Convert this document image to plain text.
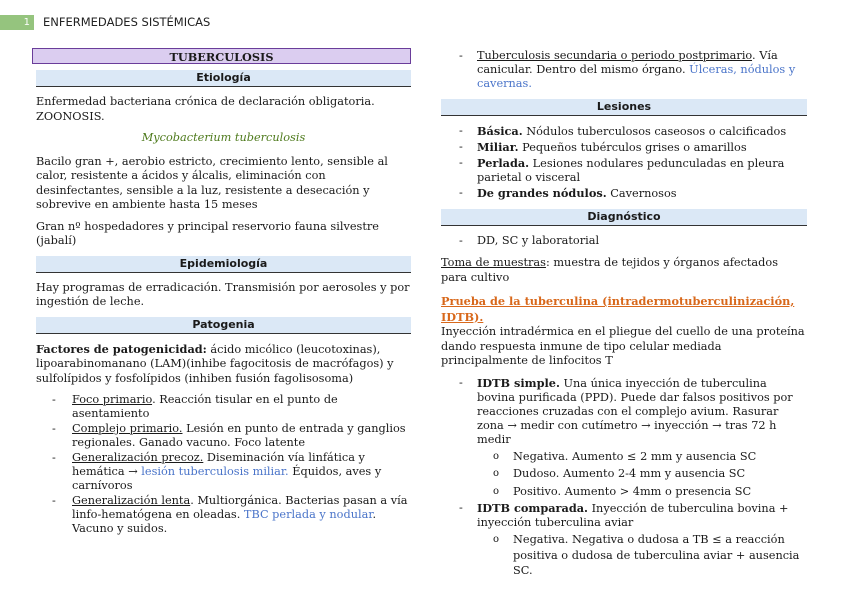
1	ENFERMEDADES SISTÉMICAS
TUBERCULOSIS
Etiología

Enfermedad bacteriana crónica de declaración obligatoria. ZOONOSIS.

Mycobacterium tuberculosis

Bacilo gran +, aerobio estricto, crecimiento lento, sensible al calor, resistente a ácidos y álcalis, eliminación con desinfectantes, sensible a la luz, resistente a desecación y sobrevive en ambiente hasta 15 meses

Gran nº hospedadores y principal reservorio fauna silvestre (jabalí)

Epidemiología

Hay programas de erradicación. Transmisión por aerosoles y por ingestión de leche.

Patogenia

Factores de patogenicidad: ácido micólico (leucotoxinas), lipoarabinomanano (LAM)(inhibe fagocitosis de macrófagos) y sulfolípidos y fosfolípidos (inhiben fusión fagolisosoma)

- Foco primario. Reacción tisular en el punto de asentamiento
- Complejo primario. Lesión en punto de entrada y ganglios regionales. Ganado vacuno. Foco latente
- Generalización precoz. Diseminación vía linfática y hemática → lesión tuberculosis miliar. Équidos, aves y carnívoros
- Generalización lenta. Multiorgánica. Bacterias pasan a vía linfo-hematógena en oleadas. TBC perlada y nodular. Vacuno y suidos.
- Tuberculosis secundaria o periodo postprimario. Vía canicular. Dentro del mismo órgano. Úlceras, nódulos y cavernas.
Lesiones
- Básica. Nódulos tuberculosos caseosos o calcificados
- Miliar. Pequeños tubérculos grises o amarillos
- Perlada. Lesiones nodulares pedunculadas en pleura parietal o visceral
- De grandes nódulos. Cavernosos
Diagnóstico
- DD, SC y laboratorial

Toma de muestras: muestra de tejidos y órganos afectados para cultivo

Prueba de la tuberculina (intradermotuberculinización, IDTB).
Inyección intradérmica en el pliegue del cuello de una proteína dando respuesta inmune de tipo celular mediada principalmente de linfocitos T

- IDTB simple. Una única inyección de tuberculina bovina purificada (PPD). Puede dar falsos positivos por reacciones cruzadas con el complejo avium. Rasurar zona → medir con cutímetro → inyección → tras 72 h medir
o Negativa. Aumento ≤ 2 mm y ausencia SC
o Dudoso. Aumento 2-4 mm y ausencia SC
o Positivo. Aumento > 4mm o presencia SC
- IDTB comparada. Inyección de tuberculina bovina + inyección tuberculina aviar
o Negativa. Negativa o dudosa a TB ≤ a reacción positiva o dudosa de tuberculina aviar + ausencia SC.
